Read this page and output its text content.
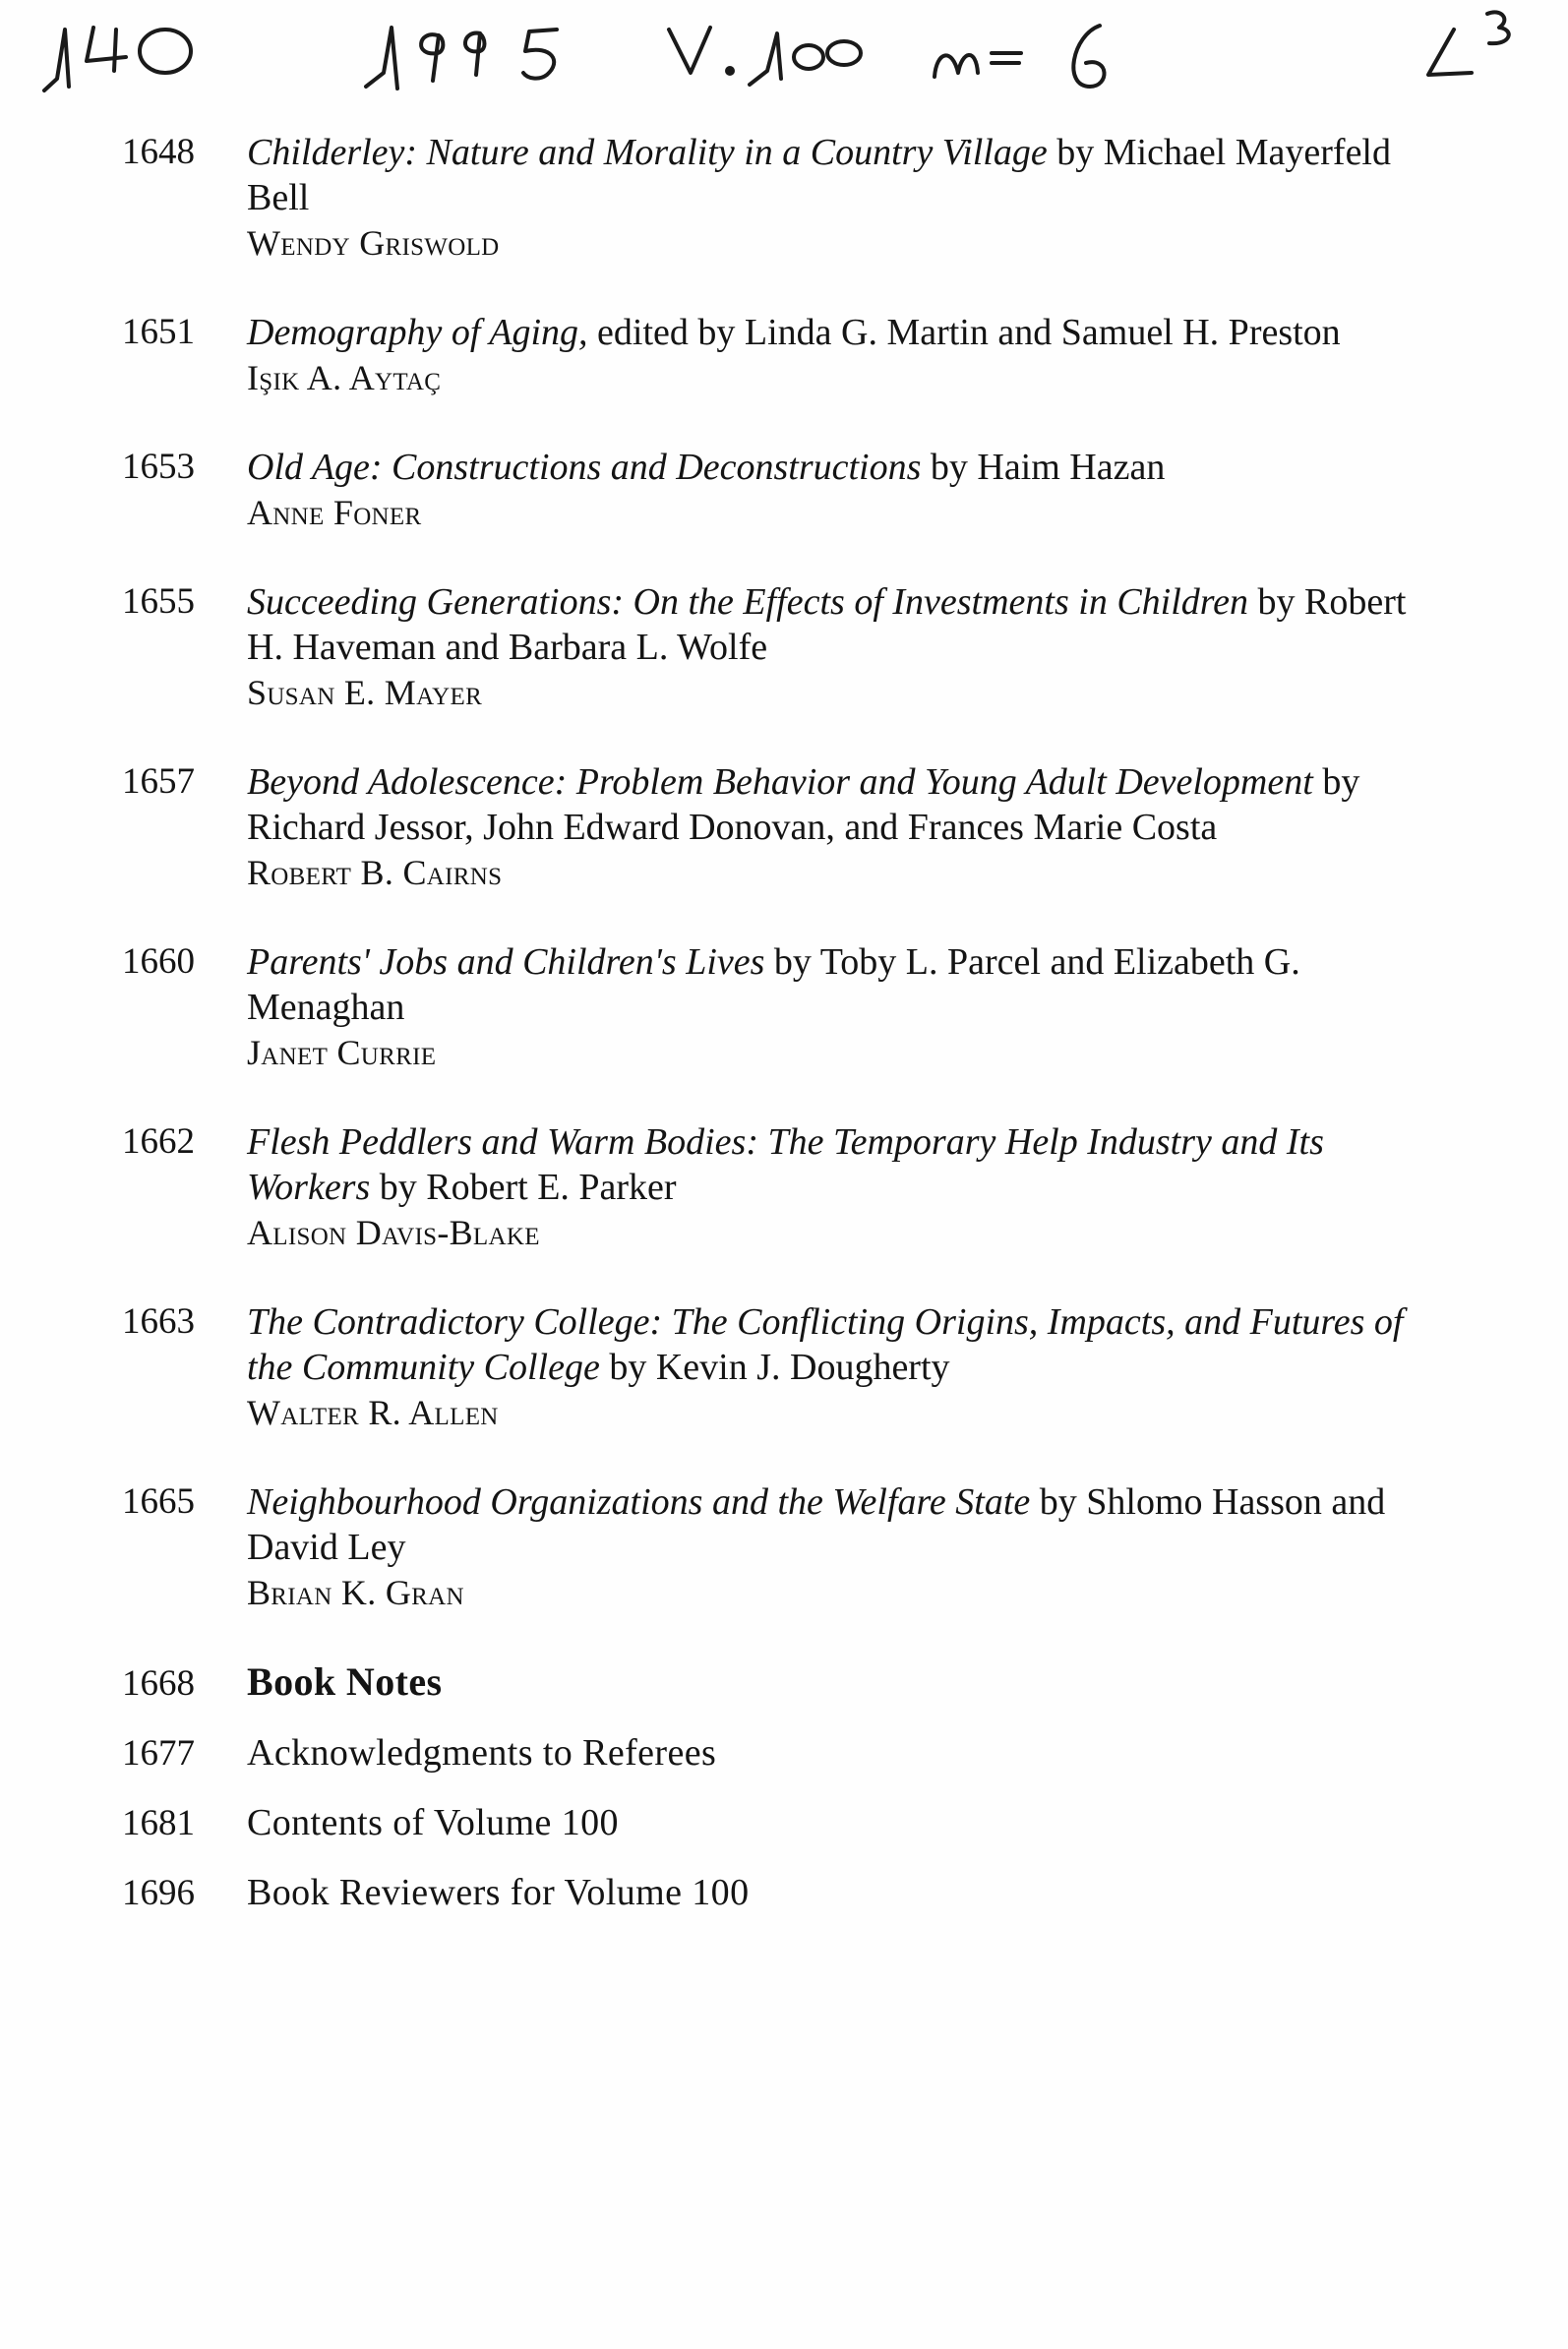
1648	Childerley: Nature and Morality in a Country Village by Michael Mayerfeld Bell
Wendy Griswold
1651	Demography of Aging, edited by Linda G. Martin and Samuel H. Preston
Işik A. Aytaç
1653	Old Age: Constructions and Deconstructions by Haim Hazan
Anne Foner
1655	Succeeding Generations: On the Effects of Investments in Children by Robert H. Haveman and Barbara L. Wolfe
Susan E. Mayer
1657	Beyond Adolescence: Problem Behavior and Young Adult Development by Richard Jessor, John Edward Donovan, and Frances Marie Costa
Robert B. Cairns
1660	Parents' Jobs and Children's Lives by Toby L. Parcel and Elizabeth G. Menaghan
Janet Currie
1662	Flesh Peddlers and Warm Bodies: The Temporary Help Industry and Its Workers by Robert E. Parker
Alison Davis-Blake
1663	The Contradictory College: The Conflicting Origins, Impacts, and Futures of the Community College by Kevin J. Dougherty
Walter R. Allen
1665	Neighbourhood Organizations and the Welfare State by Shlomo Hasson and David Ley
Brian K. Gran
1668	Book Notes
1677	Acknowledgments to Referees
1681	Contents of Volume 100
1696	Book Reviewers for Volume 100
